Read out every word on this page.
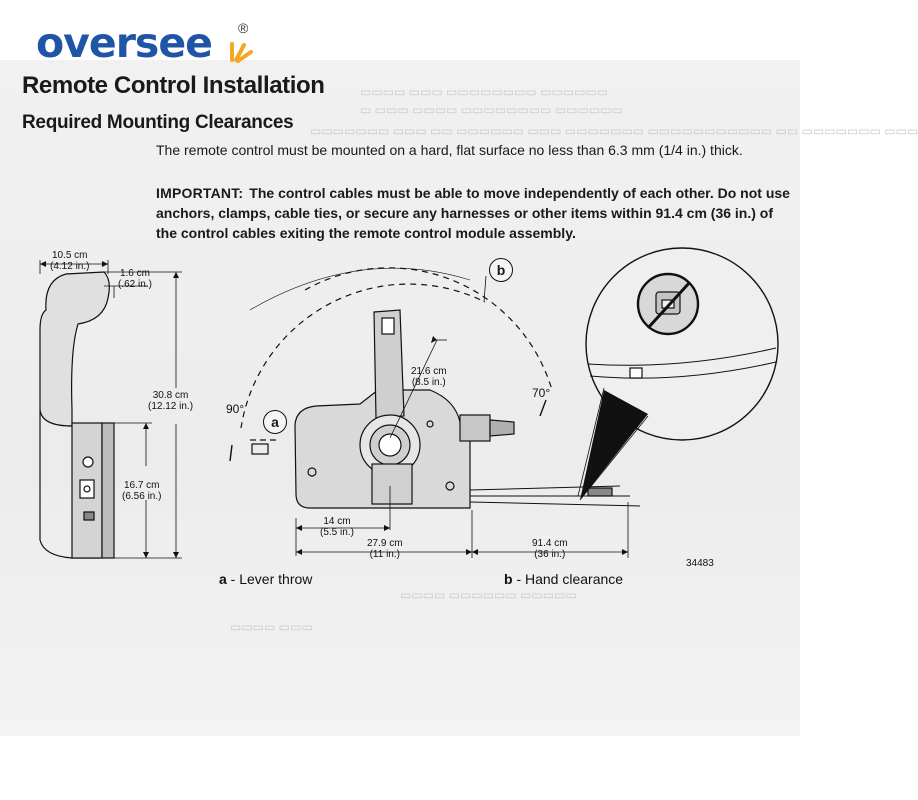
▭▭▭▭ ▭▭▭ ▭▭▭▭▭▭▭▭ ▭▭▭▭▭▭
▭ ▭▭▭ ▭▭▭▭ ▭▭▭▭▭▭▭▭ ▭▭▭▭▭▭
▭▭▭▭▭▭▭ ▭▭▭ ▭▭ ▭▭▭▭▭▭ ▭▭▭ ▭▭▭▭▭▭▭ ▭▭▭▭▭▭▭▭▭▭▭ ▭▭ ▭▭▭▭▭▭▭ ▭▭▭
▭▭▭▭ ▭▭▭▭▭▭ ▭▭▭▭▭
▭▭▭▭ ▭▭▭
oversee ®
Remote Control Installation
Required Mounting Clearances
The remote control must be mounted on a hard, flat surface no less than 6.3 mm (1/4 in.) thick.
IMPORTANT: The control cables must be able to move independently of each other. Do not use anchors, clamps, cable ties, or secure any harnesses or other items within 91.4 cm (36 in.) of the control cables exiting the remote control module assembly.
10.5 cm
(4.12 in.)
1.6 cm
(.62 in.)
30.8 cm
(12.12 in.)
16.7 cm
(6.56 in.)
21.6 cm
(8.5 in.)
14 cm
(5.5 in.)
27.9 cm
(11 in.)
91.4 cm
(36 in.)
90°
70°
a
b
34483
a - Lever throw	b - Hand clearance
